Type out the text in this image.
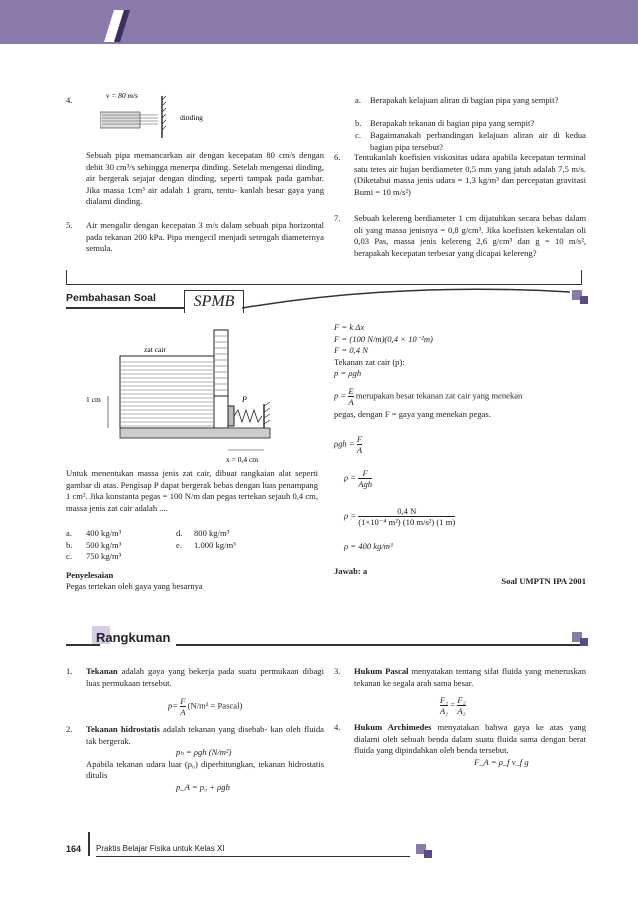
4.	v = 80 m/s
dinding
Sebuah pipa memancarkan air dengan kecepatan 80 cm/s dengan debit 30 cm³/s sehingga menerpa dinding. Setelah mengenai dinding, air bergerak sejajar dengan dinding, seperti tampak pada gambar. Jika massa 1cm³ air adalah 1 gram, tentu- kanlah besar gaya yang dialami dinding.
5. Air mengalir dengan kecepatan 3 m/s dalam sebuah pipa horizontal pada tekanan 200 kPa. Pipa mengecil menjadi setengah diameternya semula.
a. Berapakah kelajuan aliran di bagian pipa yang sempit?
b. Berapakah tekanan di bagian pipa yang sempit?
c. Bagaimanakah perbandingan kelajuan aliran air di kedua bagian pipa tersebut?
6. Tentukanlah koefisien viskositas udara apabila kecepatan terminal satu tetes air hujan berdiameter 0,5 mm yang jatuh adalah 7,5 m/s. (Diketahui massa jenis udara = 1,3 kg/m³ dan percepatan gravitasi Bumi = 10 m/s²)
7. Sebuah kelereng berdiameter 1 cm dijatuhkan secara bebas dalam oli yang massa jenisnya = 0,8 g/cm³. Jika koefisien kekentalan oli 0,03 Pas, massa jenis kelereng 2,6 g/cm³ dan g = 10 m/s², berapakah kecepatan terbesar yang dicapai kelereng?
Pembahasan Soal	SPMB
zat cair
P
1 cm
x = 0,4 cm
Untuk menentukan massa jenis zat cair, dibuat rangkaian alat seperti gambar di atas. Pengisap P dapat bergerak bebas dengan luas penampang 1 cm². Jika konstanta pegas = 100 N/m dan pegas tertekan sejauh 0,4 cm, massa jenis zat cair adalah ....
a. 400 kg/m³	d. 800 kg/m³
b. 500 kg/m³	e. 1.000 kg/m³
c. 750 kg/m³
Penyelesaian
Pegas tertekan oleh gaya yang besarnya
F = k Δx
F = (100 N/m)(0,4 × 10⁻²m)
F = 0,4 N
Tekanan zat cair (p):
p = ρgh
$p = \frac{E}{A}$ merupakan besar tekanan zat cair yang menekan
pegas, dengan F = gaya yang menekan pegas.
$\rho gh = \frac{F}{A}$
$\rho = \frac{F}{\text{Agh}}$
$\rho = \frac{0,4 N}{\text{(1×10⁻⁴ m²) (10 m/s²) (1 m)}}$
ρ = 400 kg/m³
Jawab: a
Soal UMPTN IPA 2001
Rangkuman
1. Tekanan adalah gaya yang bekerja pada suatu permukaan dibagi luas permukaan tersebut.
$p= \frac{F}{A} (N/m^2$ = Pascal)
2. Tekanan hidrostatis adalah tekanan yang disebab- kan oleh fluida tak bergerak.
pₕ = ρgh (N/m²)
Apabila tekanan udara luar (ρ₀) diperhitungkan, tekanan hidrostatis ditulis
p_A = p₀ + ρgh
3. Hukum Pascal menyatakan tentang sifat fluida yang meneruskan tekanan ke segala arah sama besar.
$\frac{\text{F₁}}{\text{A₁}} = \frac{\text{F₂}}{\text{A₂}}$
4. Hukum Archimedes menyatakan bahwa gaya ke atas yang dialami oleh sebuah benda dalam suatu fluida sama dengan berat fluida yang dipindahkan oleh benda tersebut.
F_A = ρ_f v_f g
164 Praktis Belajar Fisika untuk Kelas XI
